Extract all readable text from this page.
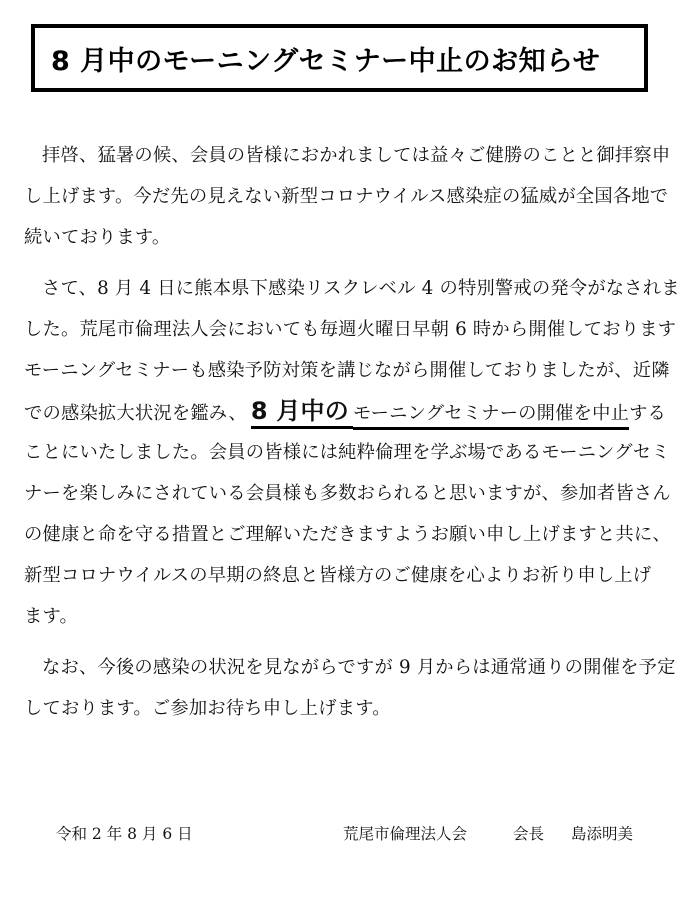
8 月中のモーニングセミナー中止のお知らせ
拝啓、猛暑の候、会員の皆様におかれましては益々ご健勝のことと御拝察申
し上げます。今だ先の見えない新型コロナウイルス感染症の猛威が全国各地で
続いております。
さて、8 月 4 日に熊本県下感染リスクレベル 4 の特別警戒の発令がなされま
した。荒尾市倫理法人会においても毎週火曜日早朝 6 時から開催しております
モーニングセミナーも感染予防対策を講じながら開催しておりましたが、近隣
での感染拡大状況を鑑み、 8 月中の モーニングセミナーの開催を中止する
ことにいたしました。会員の皆様には純粋倫理を学ぶ場であるモーニングセミ
ナーを楽しみにされている会員様も多数おられると思いますが、参加者皆さん
の健康と命を守る措置とご理解いただきますようお願い申し上げますと共に、
新型コロナウイルスの早期の終息と皆様方のご健康を心よりお祈り申し上げ
ます。
なお、今後の感染の状況を見ながらですが 9 月からは通常通りの開催を予定
しております。ご参加お待ち申し上げます。
令和 2 年 8 月 6 日	荒尾市倫理法人会	会長 島添明美
